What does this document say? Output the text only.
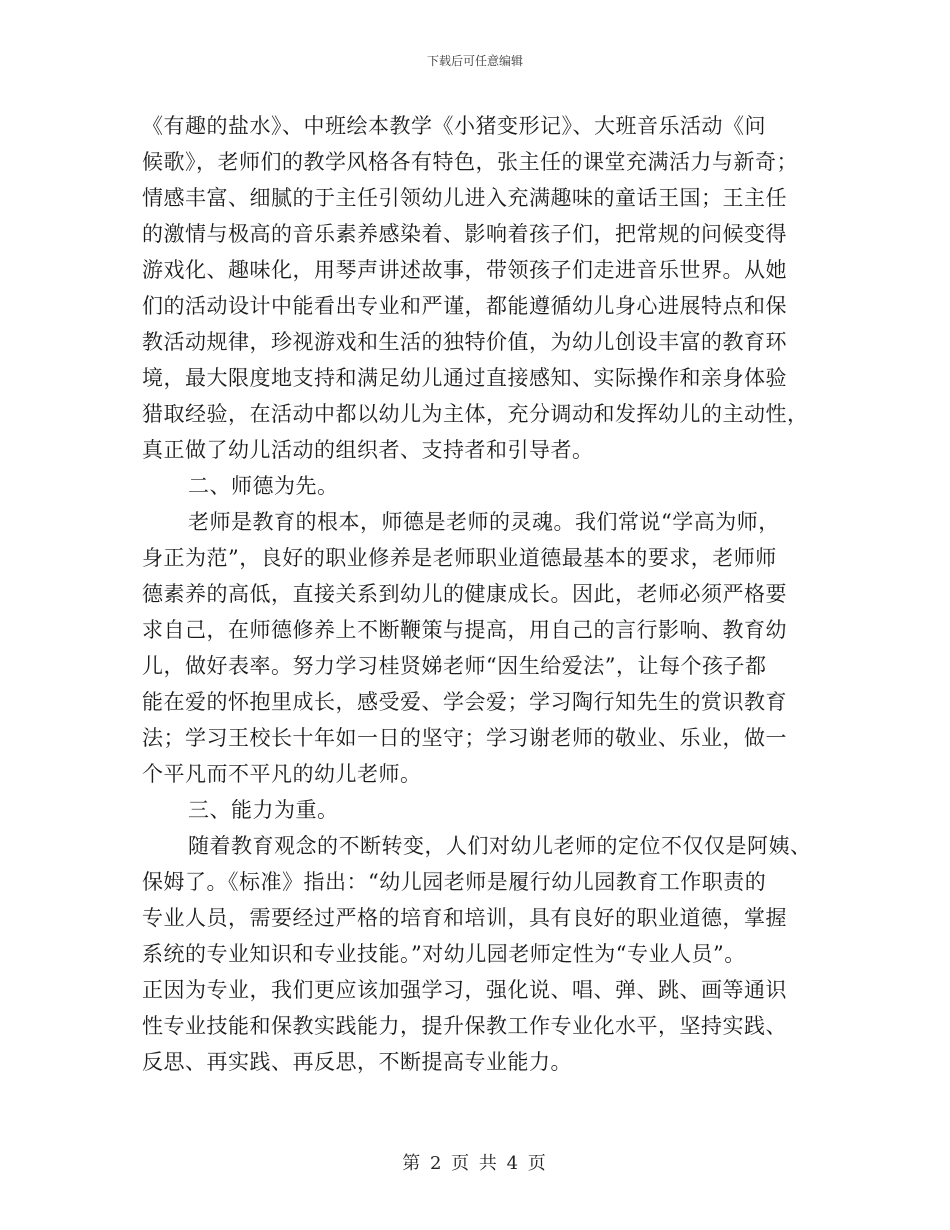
下载后可任意编辑
《有趣的盐水》、中班绘本教学《小猪变形记》、大班音乐活动《问
候歌》，老师们的教学风格各有特色，张主任的课堂充满活力与新奇；
情感丰富、细腻的于主任引领幼儿进入充满趣味的童话王国；王主任
的激情与极高的音乐素养感染着、影响着孩子们，把常规的问候变得
游戏化、趣味化，用琴声讲述故事，带领孩子们走进音乐世界。从她
们的活动设计中能看出专业和严谨，都能遵循幼儿身心进展特点和保
教活动规律，珍视游戏和生活的独特价值，为幼儿创设丰富的教育环
境，最大限度地支持和满足幼儿通过直接感知、实际操作和亲身体验
猎取经验，在活动中都以幼儿为主体，充分调动和发挥幼儿的主动性，
真正做了幼儿活动的组织者、支持者和引导者。
二、师德为先。
老师是教育的根本，师德是老师的灵魂。我们常说“学高为师，
身正为范”，良好的职业修养是老师职业道德最基本的要求，老师师
德素养的高低，直接关系到幼儿的健康成长。因此，老师必须严格要
求自己，在师德修养上不断鞭策与提高，用自己的言行影响、教育幼
儿，做好表率。努力学习桂贤娣老师“因生给爱法”，让每个孩子都
能在爱的怀抱里成长，感受爱、学会爱；学习陶行知先生的赏识教育
法；学习王校长十年如一日的坚守；学习谢老师的敬业、乐业，做一
个平凡而不平凡的幼儿老师。
三、能力为重。
随着教育观念的不断转变，人们对幼儿老师的定位不仅仅是阿姨、
保姆了。《标准》指出：“幼儿园老师是履行幼儿园教育工作职责的
专业人员，需要经过严格的培育和培训，具有良好的职业道德，掌握
系统的专业知识和专业技能。”对幼儿园老师定性为“专业人员”。
正因为专业，我们更应该加强学习，强化说、唱、弹、跳、画等通识
性专业技能和保教实践能力，提升保教工作专业化水平，坚持实践、
反思、再实践、再反思，不断提高专业能力。
第 2 页 共 4 页
